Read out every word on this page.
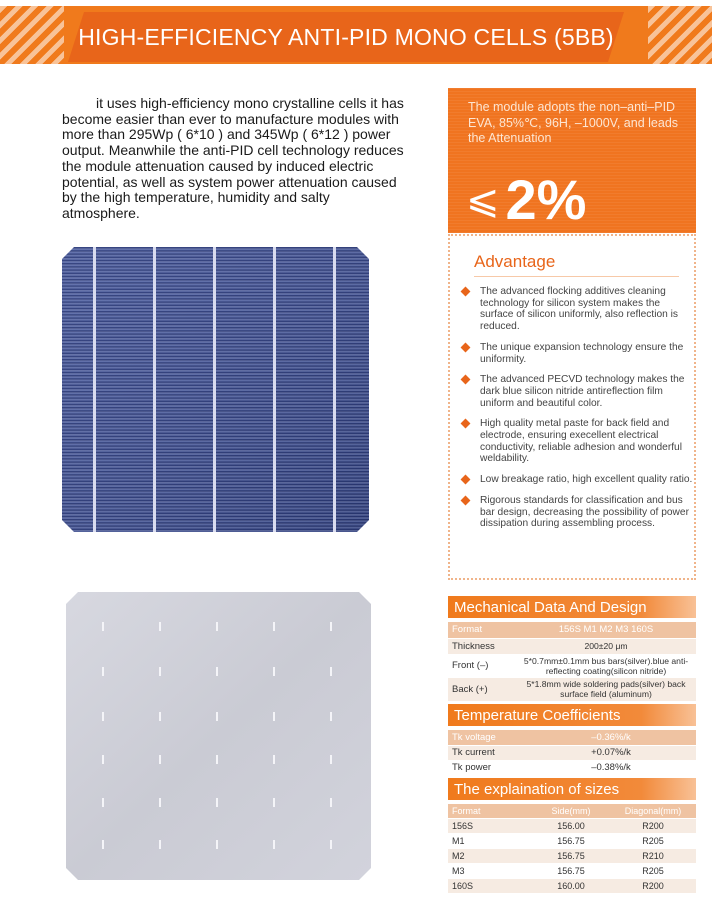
HIGH-EFFICIENCY ANTI-PID MONO CELLS (5BB)

it uses high-efficiency mono crystalline cells it has become easier than ever to manufacture modules with more than 295Wp ( 6*10 ) and 345Wp ( 6*12 ) power output. Meanwhile the anti-PID cell technology reduces the module attenuation caused by induced electric potential, as well as system power attenuation caused by the high temperature, humidity and salty atmosphere.

The module adopts the non–anti–PID EVA, 85%℃, 96H, –1000V, and leads the Attenuation

⩽ 2%
Advantage
The advanced flocking additives cleaning technology for silicon system makes the surface of silicon uniformly, also reflection is reduced.
The unique expansion technology ensure the uniformity.
The advanced PECVD technology makes the dark blue silicon nitride antireflection film uniform and beautiful color.
High quality metal paste for back field and electrode, ensuring execellent electrical conductivity, reliable adhesion and wonderful weldability.
Low breakage ratio, high excellent quality ratio.
Rigorous standards for classification and bus bar design, decreasing the possibility of power dissipation during assembling process.
Mechanical Data And Design
Format	156S M1 M2 M3 160S
Thickness	200±20 μm
Front (–)	5*0.7mm±0.1mm bus bars(silver).blue anti-reflecting coating(silicon nitride)
Back (+)	5*1.8mm wide soldering pads(silver) back surface field (aluminum)
Temperature Coefficients
Tk voltage	–0.36%/k
Tk current	+0.07%/k
Tk power	–0.38%/k
The explaination of sizes
Format	Side(mm)	Diagonal(mm)
156S	156.00	R200
M1	156.75	R205
M2	156.75	R210
M3	156.75	R205
160S	160.00	R200
